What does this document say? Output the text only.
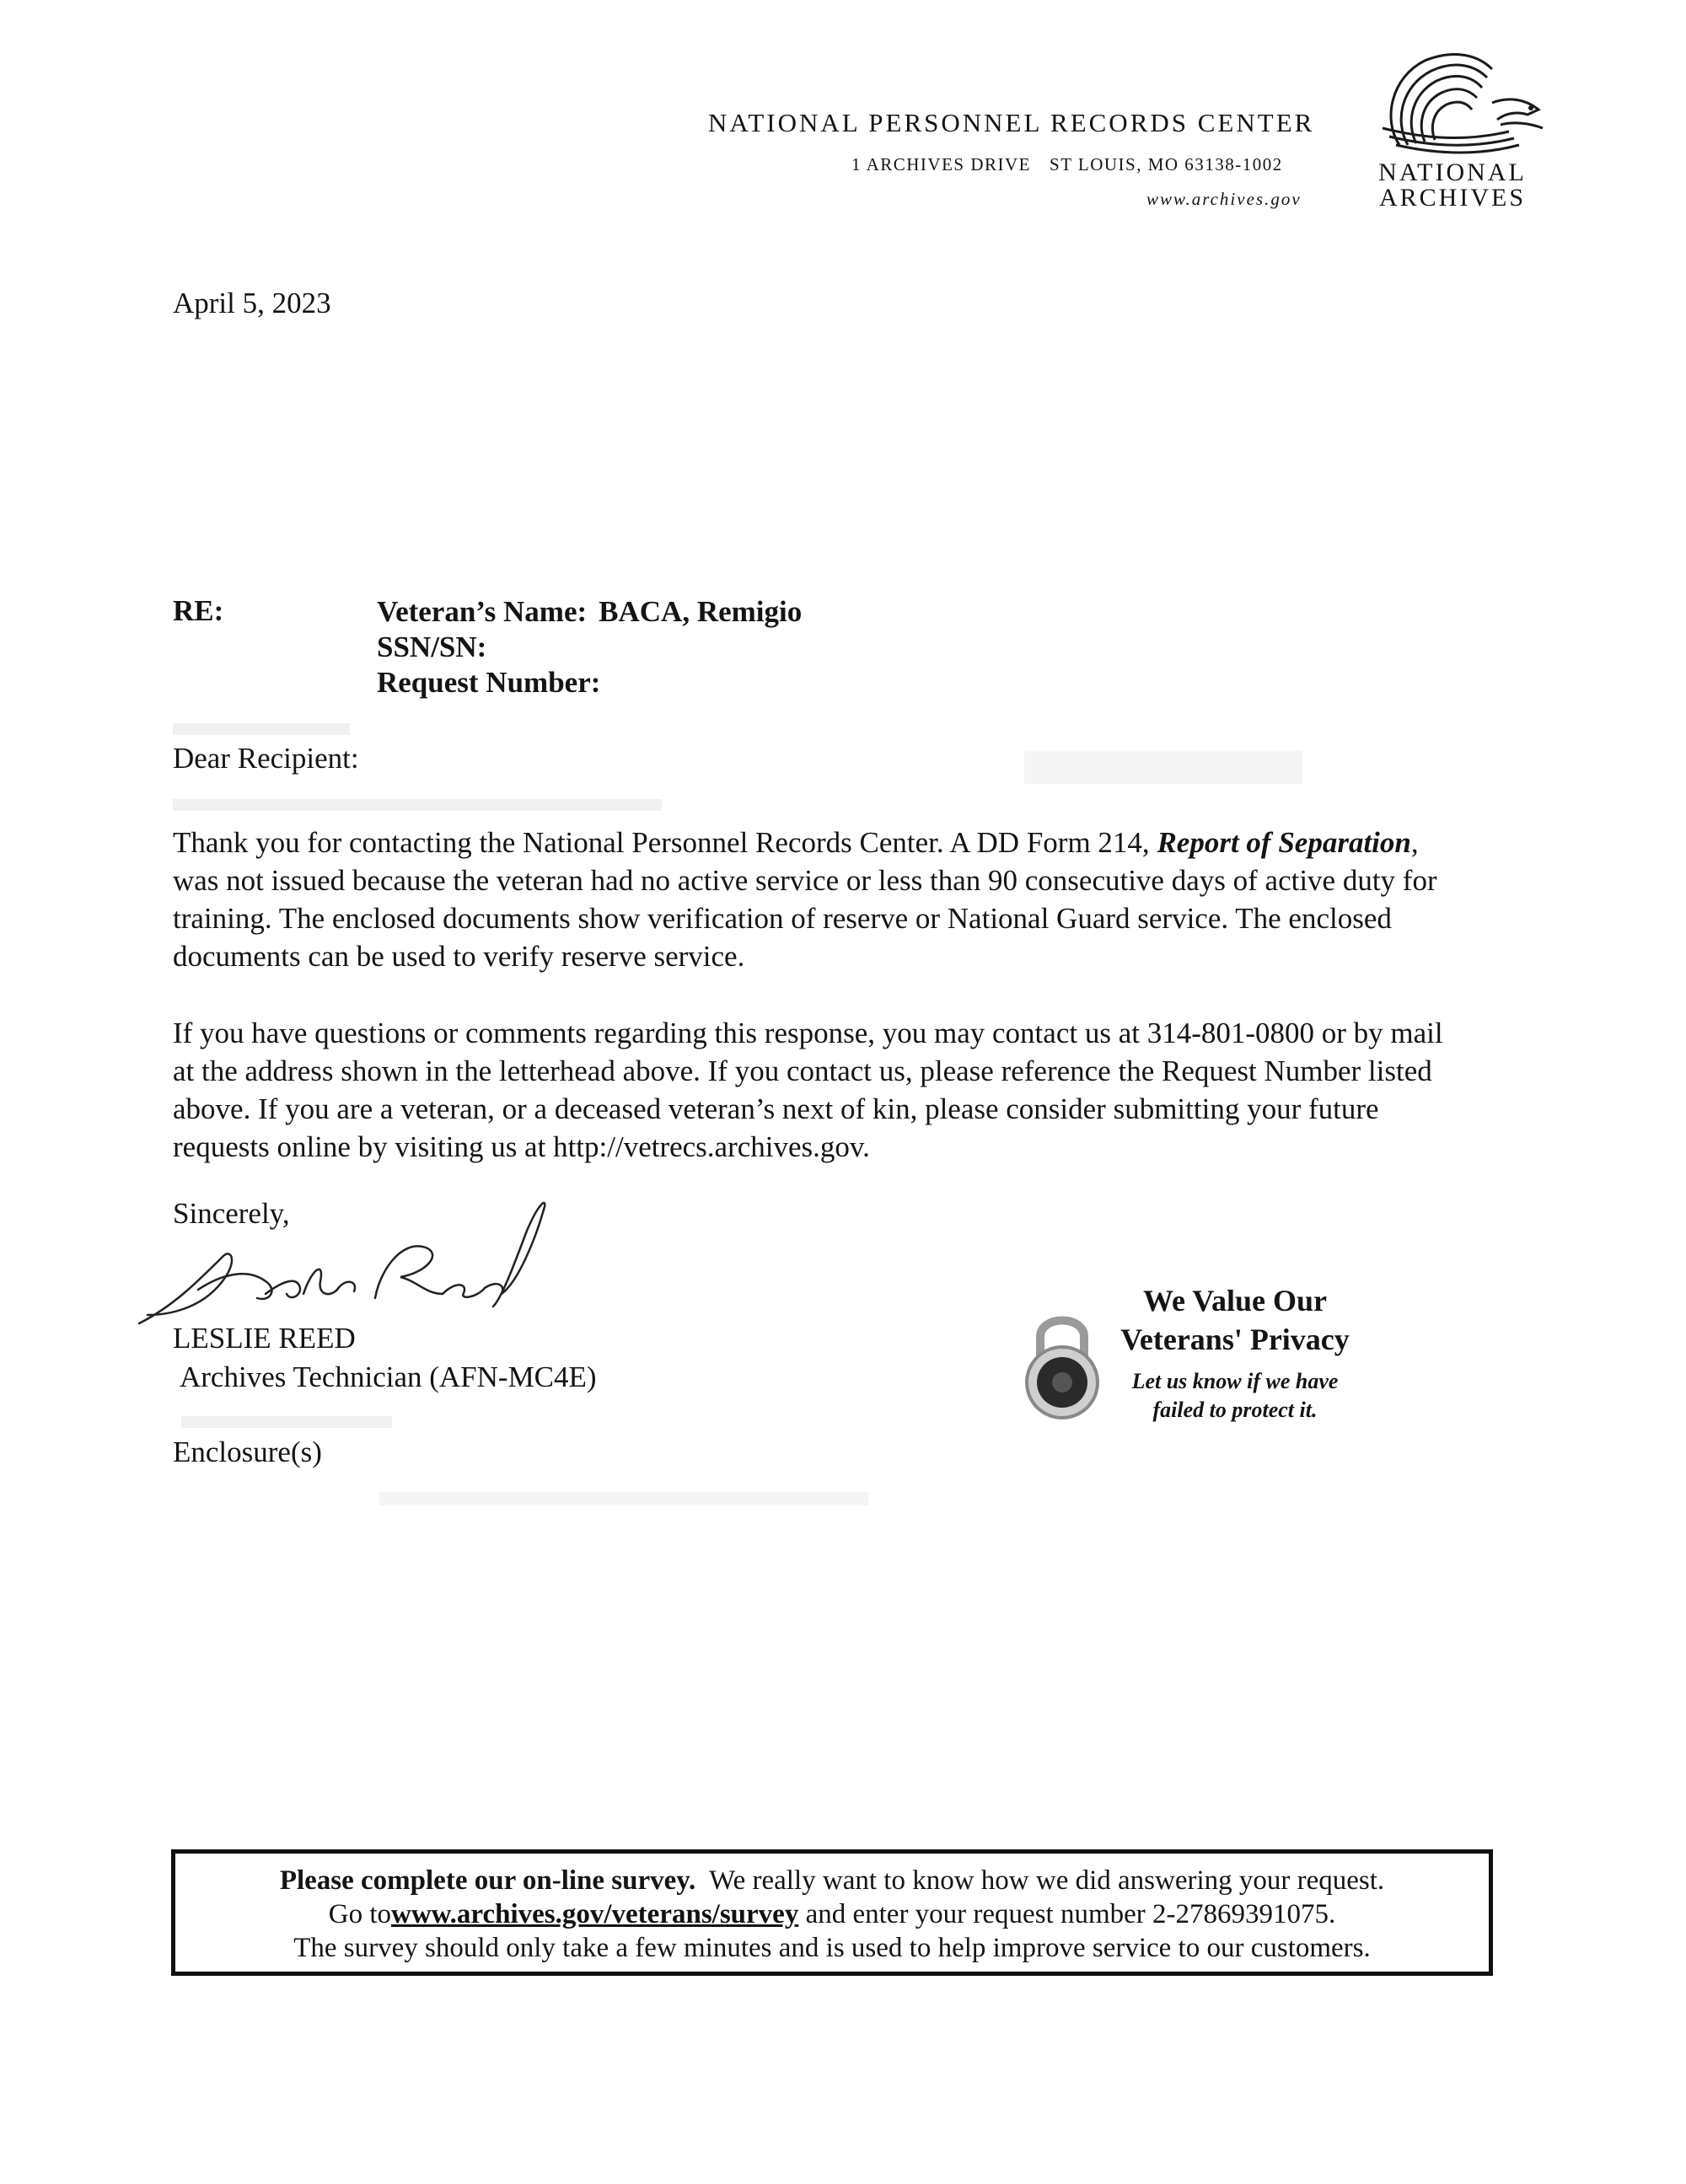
NATIONAL PERSONNEL RECORDS CENTER
1 ARCHIVES DRIVE ST LOUIS, MO 63138-1002
www.archives.gov
NATIONAL
ARCHIVES
April 5, 2023
RE:	Veteran’s Name: BACA, Remigio
SSN/SN:
Request Number:
Dear Recipient:

Thank you for contacting the National Personnel Records Center. A DD Form 214, Report of Separation, was not issued because the veteran had no active service or less than 90 consecutive days of active duty for training. The enclosed documents show verification of reserve or National Guard service. The enclosed documents can be used to verify reserve service.

If you have questions or comments regarding this response, you may contact us at 314-801-0800 or by mail at the address shown in the letterhead above. If you contact us, please reference the Request Number listed above. If you are a veteran, or a deceased veteran’s next of kin, please consider submitting your future requests online by visiting us at http://vetrecs.archives.gov.

Sincerely,
LESLIE REED
Archives Technician (AFN-MC4E)
Enclosure(s)
We Value Our
Veterans' Privacy
Let us know if we have
failed to protect it.
Please complete our on-line survey.  We really want to know how we did answering your request.
Go towww.archives.gov/veterans/survey and enter your request number 2-27869391075.
The survey should only take a few minutes and is used to help improve service to our customers.
